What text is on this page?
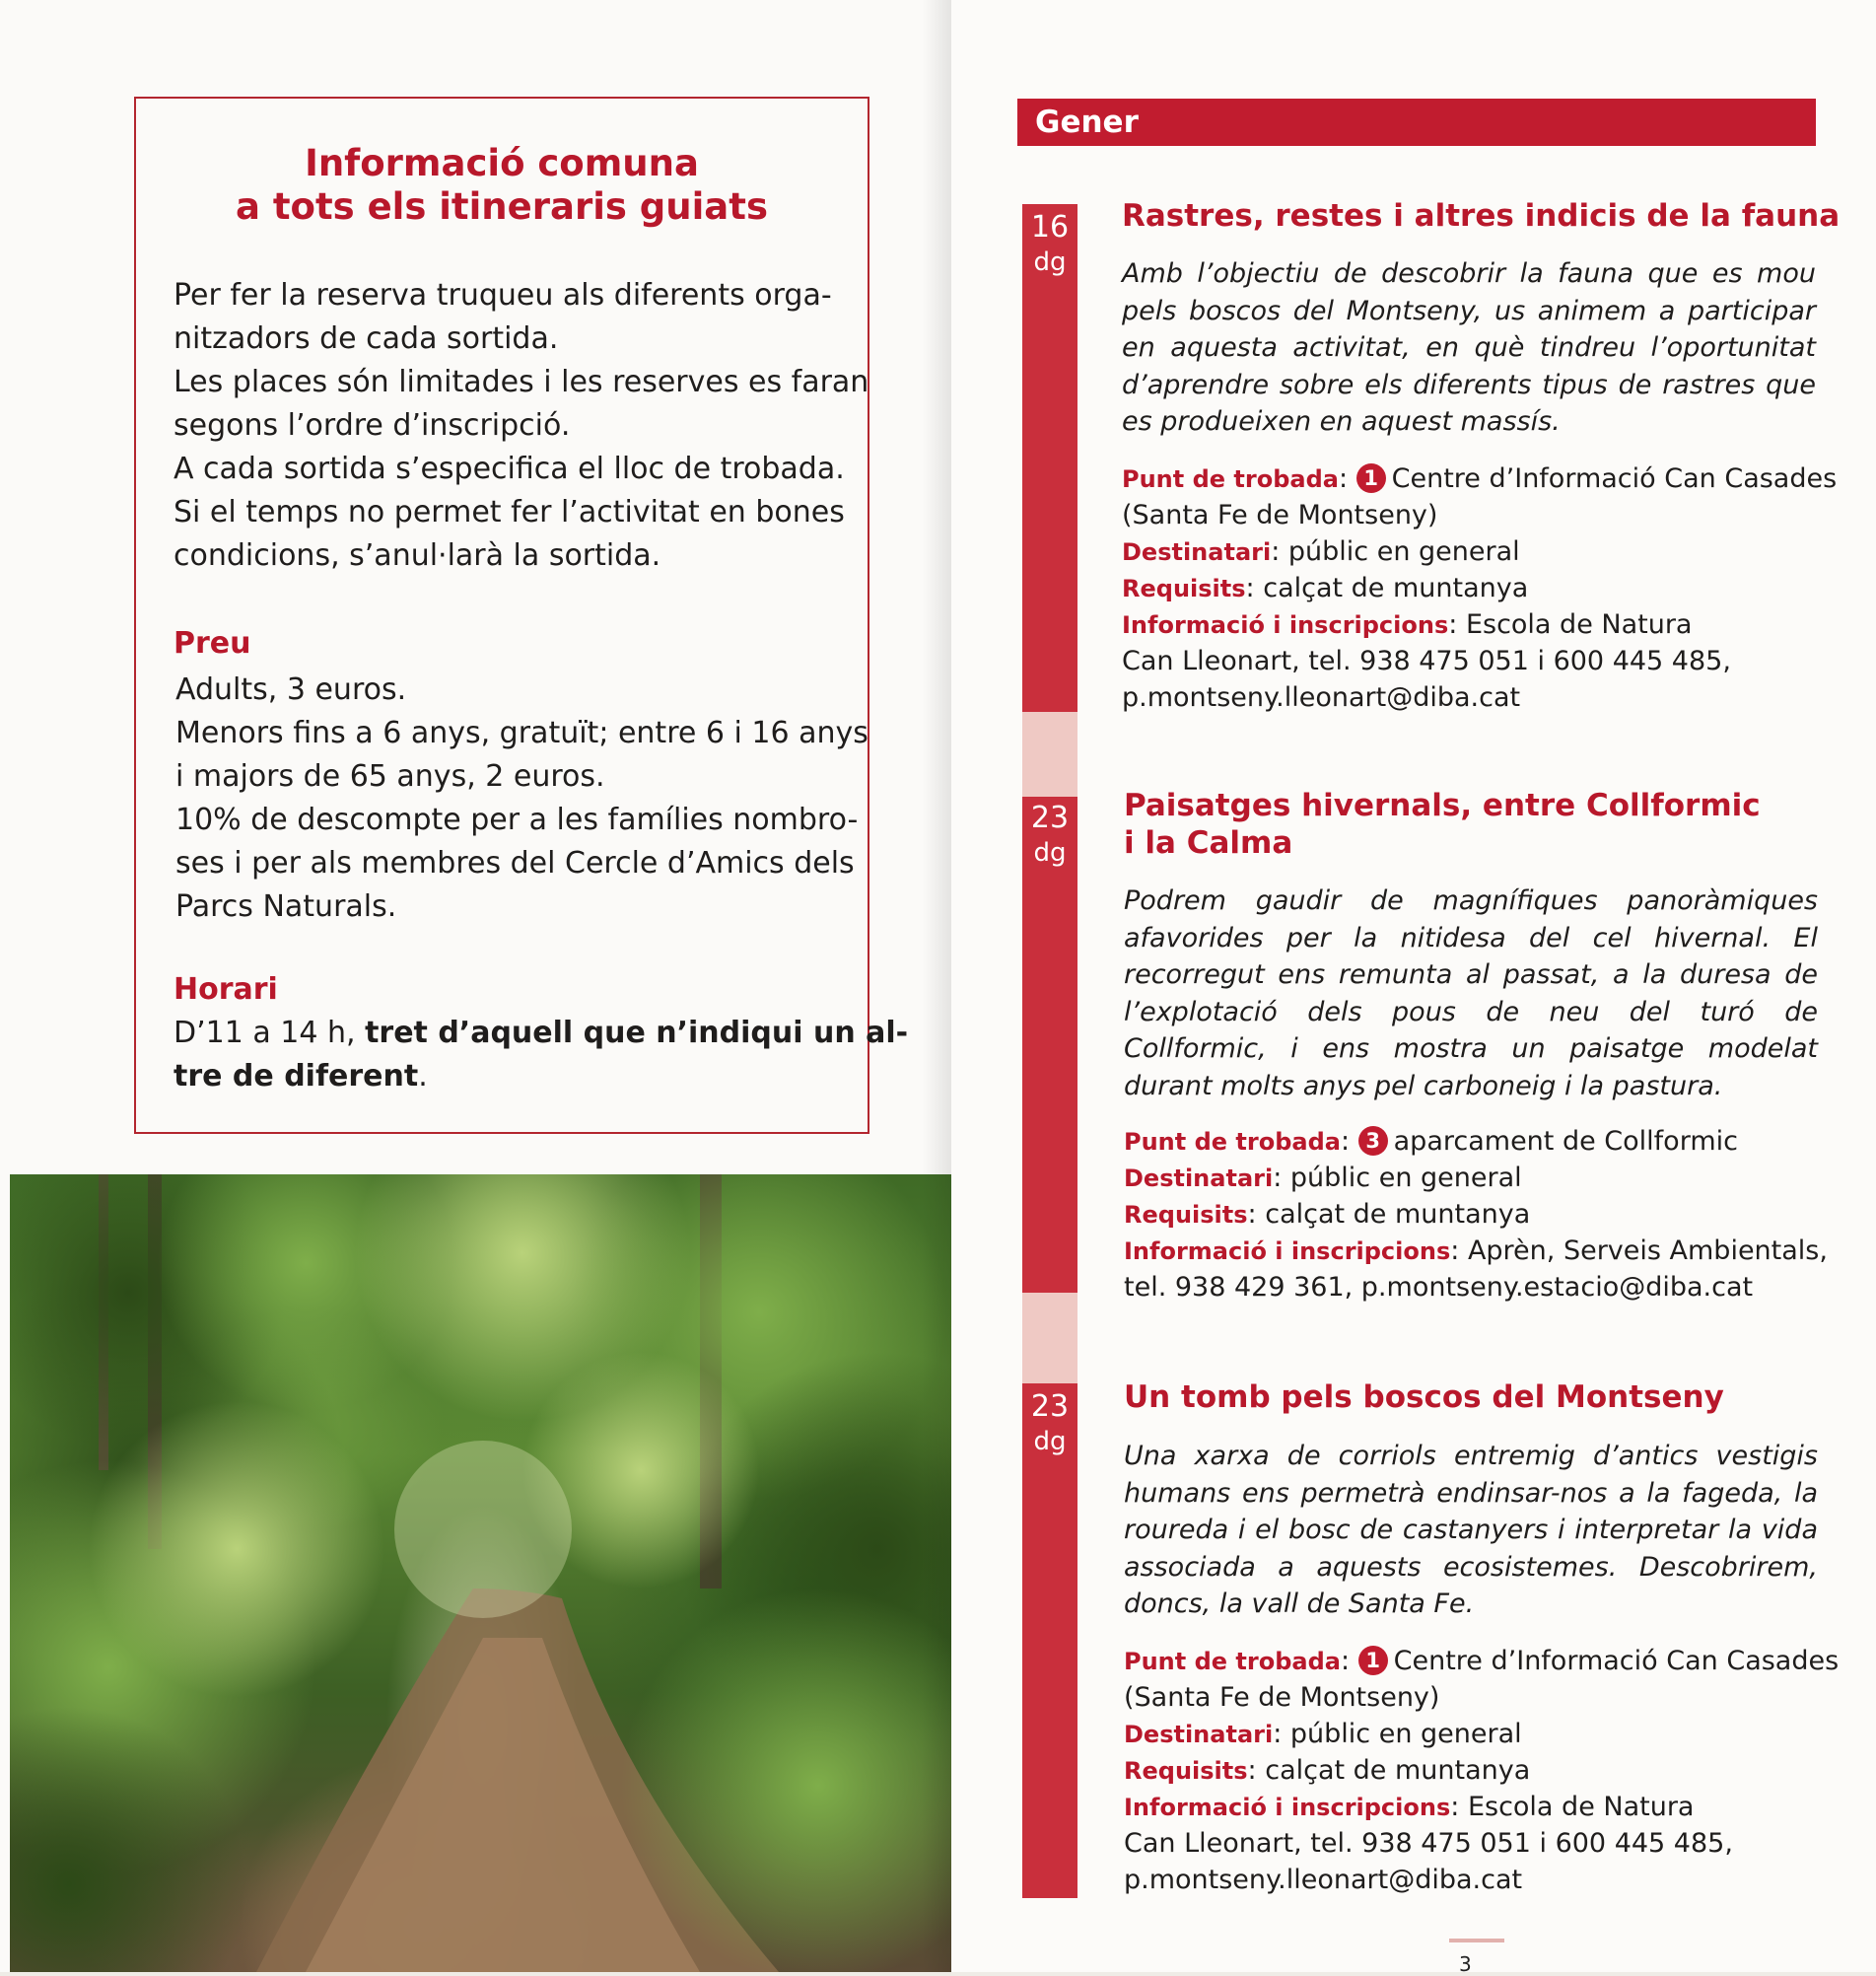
Informació comuna
a tots els itineraris guiats
Per fer la reserva truqueu als diferents orga-
nitzadors de cada sortida.
Les places són limitades i les reserves es faran
segons l’ordre d’inscripció.
A cada sortida s’especifica el lloc de trobada.
Si el temps no permet fer l’activitat en bones
condicions, s’anul·larà la sortida.
Preu
Adults, 3 euros.
Menors fins a 6 anys, gratuït; entre 6 i 16 anys
i majors de 65 anys, 2 euros.
10% de descompte per a les famílies nombro-
ses i per als membres del Cercle d’Amics dels
Parcs Naturals.
Horari
D’11 a 14 h, tret d’aquell que n’indiqui un al-
tre de diferent.
Gener
16
dg
Rastres, restes i altres indicis de la fauna
Amb l’objectiu de descobrir la fauna que es mou pels boscos del Montseny, us animem a participar en aquesta activitat, en què tindreu l’oportunitat d’aprendre sobre els diferents tipus de rastres que es produeixen en aquest massís.
Punt de trobada: 1 Centre d’Informació Can Casades
(Santa Fe de Montseny)
Destinatari: públic en general
Requisits: calçat de muntanya
Informació i inscripcions: Escola de Natura
Can Lleonart, tel. 938 475 051 i 600 445 485,
p.montseny.lleonart@diba.cat
23
dg
Paisatges hivernals, entre Collformic
i la Calma
Podrem gaudir de magnífiques panoràmiques afavorides per la nitidesa del cel hivernal. El recorregut ens remunta al passat, a la duresa de l’explotació dels pous de neu del turó de Collformic, i ens mostra un paisatge modelat durant molts anys pel carboneig i la pastura.
Punt de trobada: 3 aparcament de Collformic
Destinatari: públic en general
Requisits: calçat de muntanya
Informació i inscripcions: Aprèn, Serveis Ambientals,
tel. 938 429 361, p.montseny.estacio@diba.cat
23
dg
Un tomb pels boscos del Montseny
Una xarxa de corriols entremig d’antics vestigis humans ens permetrà endinsar-nos a la fageda, la roureda i el bosc de castanyers i interpretar la vida associada a aquests ecosistemes. Descobrirem, doncs, la vall de Santa Fe.
Punt de trobada: 1 Centre d’Informació Can Casades
(Santa Fe de Montseny)
Destinatari: públic en general
Requisits: calçat de muntanya
Informació i inscripcions: Escola de Natura
Can Lleonart, tel. 938 475 051 i 600 445 485,
p.montseny.lleonart@diba.cat
3
